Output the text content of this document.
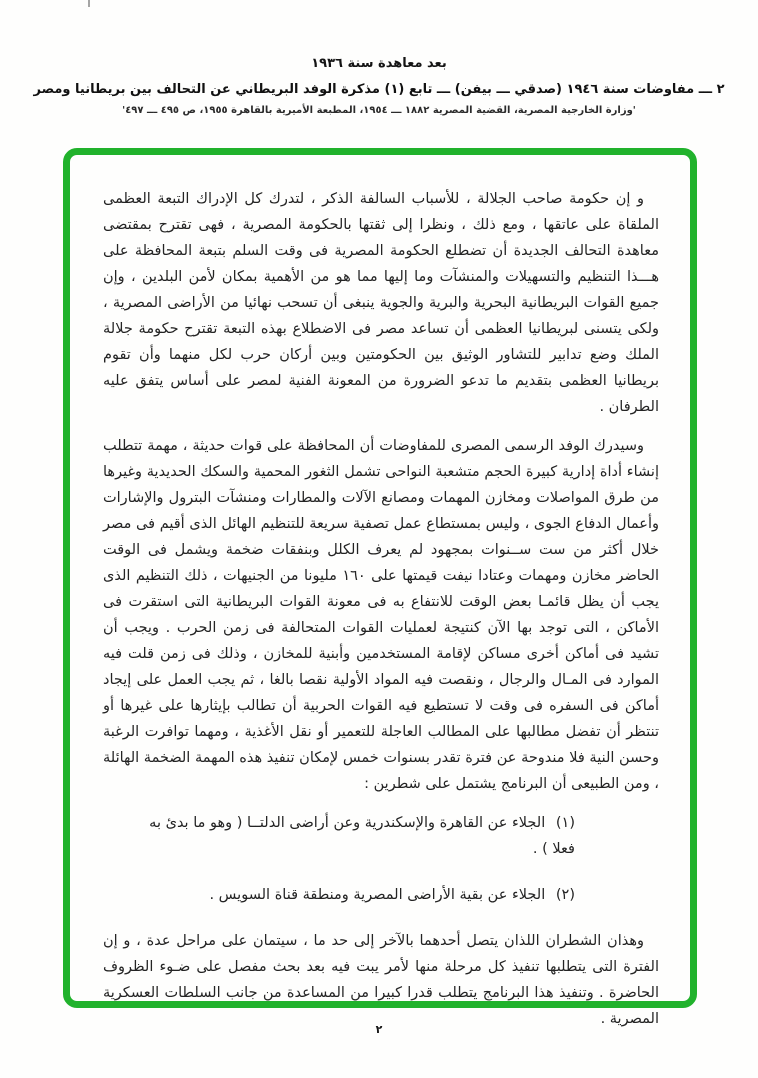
بعد معاهدة سنة ١٩٣٦
٢ ـــ مفاوضات سنة ١٩٤٦ (صدقي ـــ بيفن) ـــ تابع (١) مذكرة الوفد البريطاني عن التحالف بين بريطانيا ومصر
'وزارة الخارجية المصرية، القضية المصرية ١٨٨٢ ـــ ١٩٥٤، المطبعة الأميرية بالقاهرة ١٩٥٥، ص ٤٩٥ ـــ ٤٩٧'

و إن حكومة صاحب الجلالة ، للأسباب السالفة الذكر ، لتدرك كل الإدراك التبعة العظمى الملقاة على عاتقها ، ومع ذلك ، ونظرا إلى ثقتها بالحكومة المصرية ، فهى تقترح بمقتضى معاهدة التحالف الجديدة أن تضطلع الحكومة المصرية فى وقت السلم بتبعة المحافظة على هـــذا التنظيم والتسهيلات والمنشآت وما إليها مما هو من الأهمية بمكان لأمن البلدين ، وإن جميع القوات البريطانية البحرية والبرية والجوية ينبغى أن تسحب نهائيا من الأراضى المصرية ، ولكى يتسنى لبريطانيا العظمى أن تساعد مصر فى الاضطلاع بهذه التبعة تقترح حكومة جلالة الملك وضع تدابير للتشاور الوثيق بين الحكومتين وبين أركان حرب لكل منهما وأن تقوم بريطانيا العظمى بتقديم ما تدعو الضرورة من المعونة الفنية لمصر على أساس يتفق عليه الطرفان .

وسيدرك الوفد الرسمى المصرى للمفاوضات أن المحافظة على قوات حديثة ، مهمة تتطلب إنشاء أداة إدارية كبيرة الحجم متشعبة النواحى تشمل الثغور المحمية والسكك الحديدية وغيرها من طرق المواصلات ومخازن المهمات ومصانع الآلات والمطارات ومنشآت البترول والإشارات وأعمال الدفاع الجوى ، وليس بمستطاع عمل تصفية سريعة للتنظيم الهائل الذى أقيم فى مصر خلال أكثر من ست ســنوات بمجهود لم يعرف الكلل وبنفقات ضخمة ويشمل فى الوقت الحاضر مخازن ومهمات وعتادا نيفت قيمتها على ١٦٠ مليونا من الجنيهات ، ذلك التنظيم الذى يجب أن يظل قائمـا بعض الوقت للانتفاع به فى معونة القوات البريطانية التى استقرت فى الأماكن ، التى توجد بها الآن كنتيجة لعمليات القوات المتحالفة فى زمن الحرب . ويجب أن تشيد فى أماكن أخرى مساكن لإقامة المستخدمين وأبنية للمخازن ، وذلك فى زمن قلت فيه الموارد فى المـال والرجال ، ونقصت فيه المواد الأولية نقصا بالغا ، ثم يجب العمل على إيجاد أماكن فى السفره فى وقت لا تستطيع فيه القوات الحربية أن تطالب بإيثارها على غيرها أو تنتظر أن تفضل مطالبها على المطالب العاجلة للتعمير أو نقل الأغذية ، ومهما توافرت الرغبة وحسن النية فلا مندوحة عن فترة تقدر بسنوات خمس لإمكان تنفيذ هذه المهمة الضخمة الهائلة ، ومن الطبيعى أن البرنامج يشتمل على شطرين :

(١) الجلاء عن القاهرة والإسكندرية وعن أراضى الدلتــا ( وهو ما بدئ به فعلا ) .
(٢) الجلاء عن بقية الأراضى المصرية ومنطقة قناة السويس .

وهذان الشطران اللذان يتصل أحدهما بالآخر إلى حد ما ، سيتمان على مراحل عدة ، و إن الفترة التى يتطلبها تنفيذ كل مرحلة منها لأمر يبت فيه بعد بحث مفصل على ضـوء الظروف الحاضرة . وتنفيذ هذا البرنامج يتطلب قدرا كبيرا من المساعدة من جانب السلطات العسكرية المصرية .

٢
